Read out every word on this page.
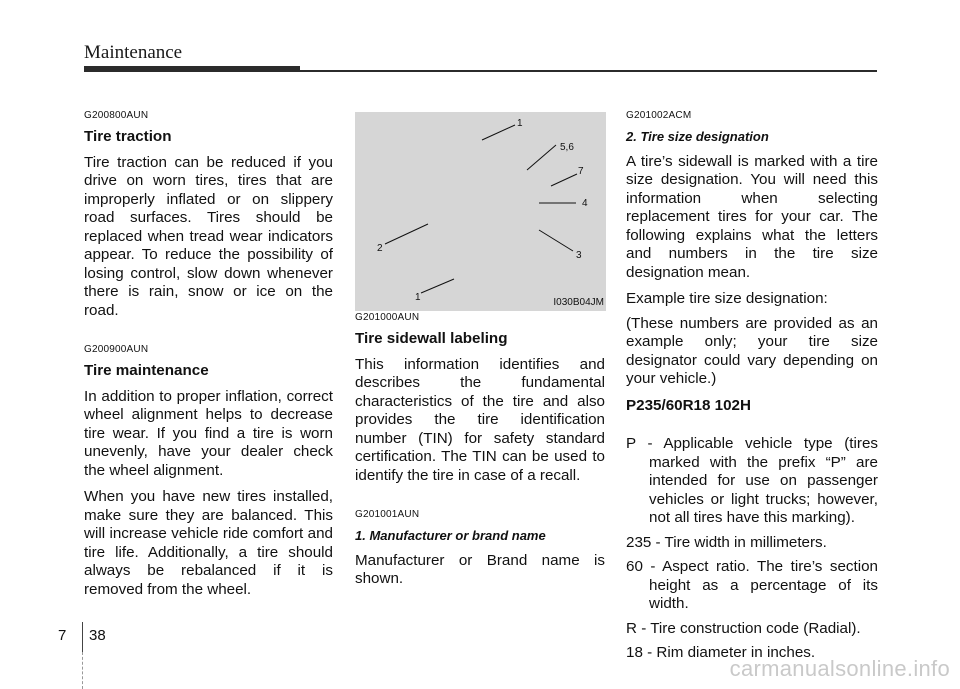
Maintenance
G200800AUN
Tire traction
Tire traction can be reduced if you drive on worn tires, tires that are improperly inflated or on slippery road surfaces. Tires should be replaced when tread wear indicators appear. To reduce the possibility of losing control, slow down whenever there is rain, snow or ice on the road.
G200900AUN
Tire maintenance
In addition to proper inflation, correct wheel alignment helps to decrease tire wear. If you find a tire is worn unevenly, have your dealer check the wheel alignment.
When you have new tires installed, make sure they are balanced. This will increase vehicle ride comfort and tire life. Additionally, a tire should always be rebalanced if it is removed from the wheel.
1
5,6
7
4
2
3
1	I030B04JM
G201000AUN
Tire sidewall labeling
This information identifies and describes the fundamental characteristics of the tire and also provides the tire identification number (TIN) for safety standard certification. The TIN can be used to identify the tire in case of a recall.
G201001AUN
1. Manufacturer or brand name
Manufacturer or Brand name is shown.
G201002ACM
2. Tire size designation
A tire’s sidewall is marked with a tire size designation. You will need this information when selecting replacement tires for your car. The following explains what the letters and numbers in the tire size designation mean.
Example tire size designation:
(These numbers are provided as an example only; your tire size designator could vary depending on your vehicle.)
P235/60R18 102H
P - Applicable vehicle type (tires marked with the prefix “P” are intended for use on passenger vehicles or light trucks; however, not all tires have this marking).
235 - Tire width in millimeters.
60 - Aspect ratio. The tire’s section height as a percentage of its width.
R - Tire construction code (Radial).
18 - Rim diameter in inches.
7 38
carmanualsonline.info
